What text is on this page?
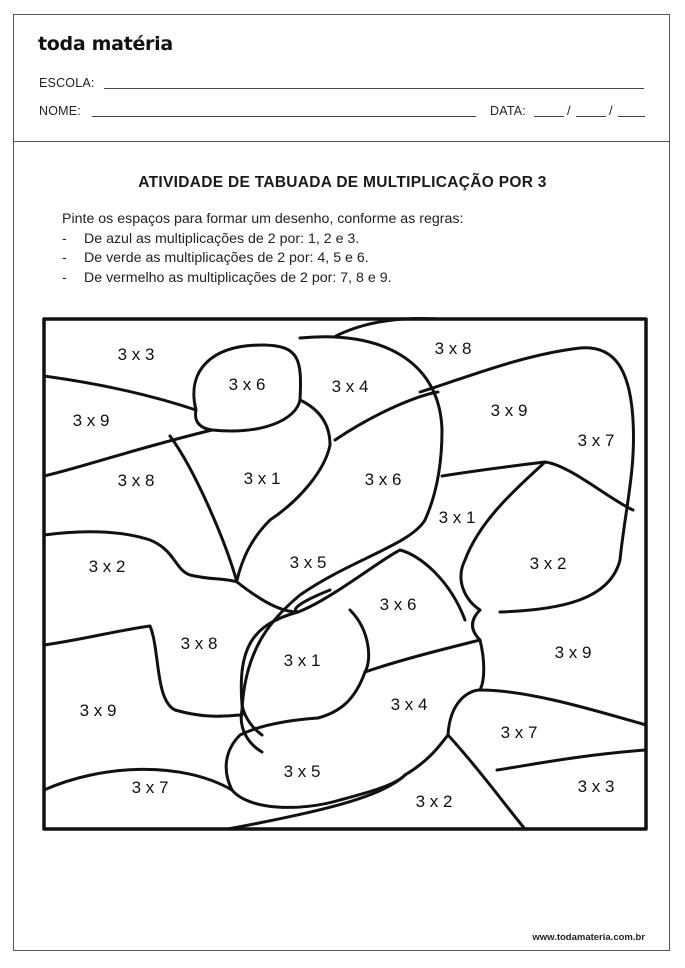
toda matéria
ESCOLA:
NOME:	DATA:	/	/
ATIVIDADE DE TABUADA DE MULTIPLICAÇÃO POR 3
Pinte os espaços para formar um desenho, conforme as regras:
- De azul as multiplicações de 2 por: 1, 2 e 3.
- De verde as multiplicações de 2 por: 4, 5 e 6.
- De vermelho as multiplicações de 2 por: 7, 8 e 9.
3 x 3	3 x 8
3 x 6	3 x 4
3 x 9
3 x 9
3 x 7
3 x 8	3 x 1	3 x 6
3 x 1
3 x 2	3 x 5	3 x 2
3 x 6
3 x 8
3 x 1	3 x 9
3 x 9	3 x 4
3 x 7
3 x 5
3 x 7
3 x 2
3 x 3
www.todamateria.com.br
